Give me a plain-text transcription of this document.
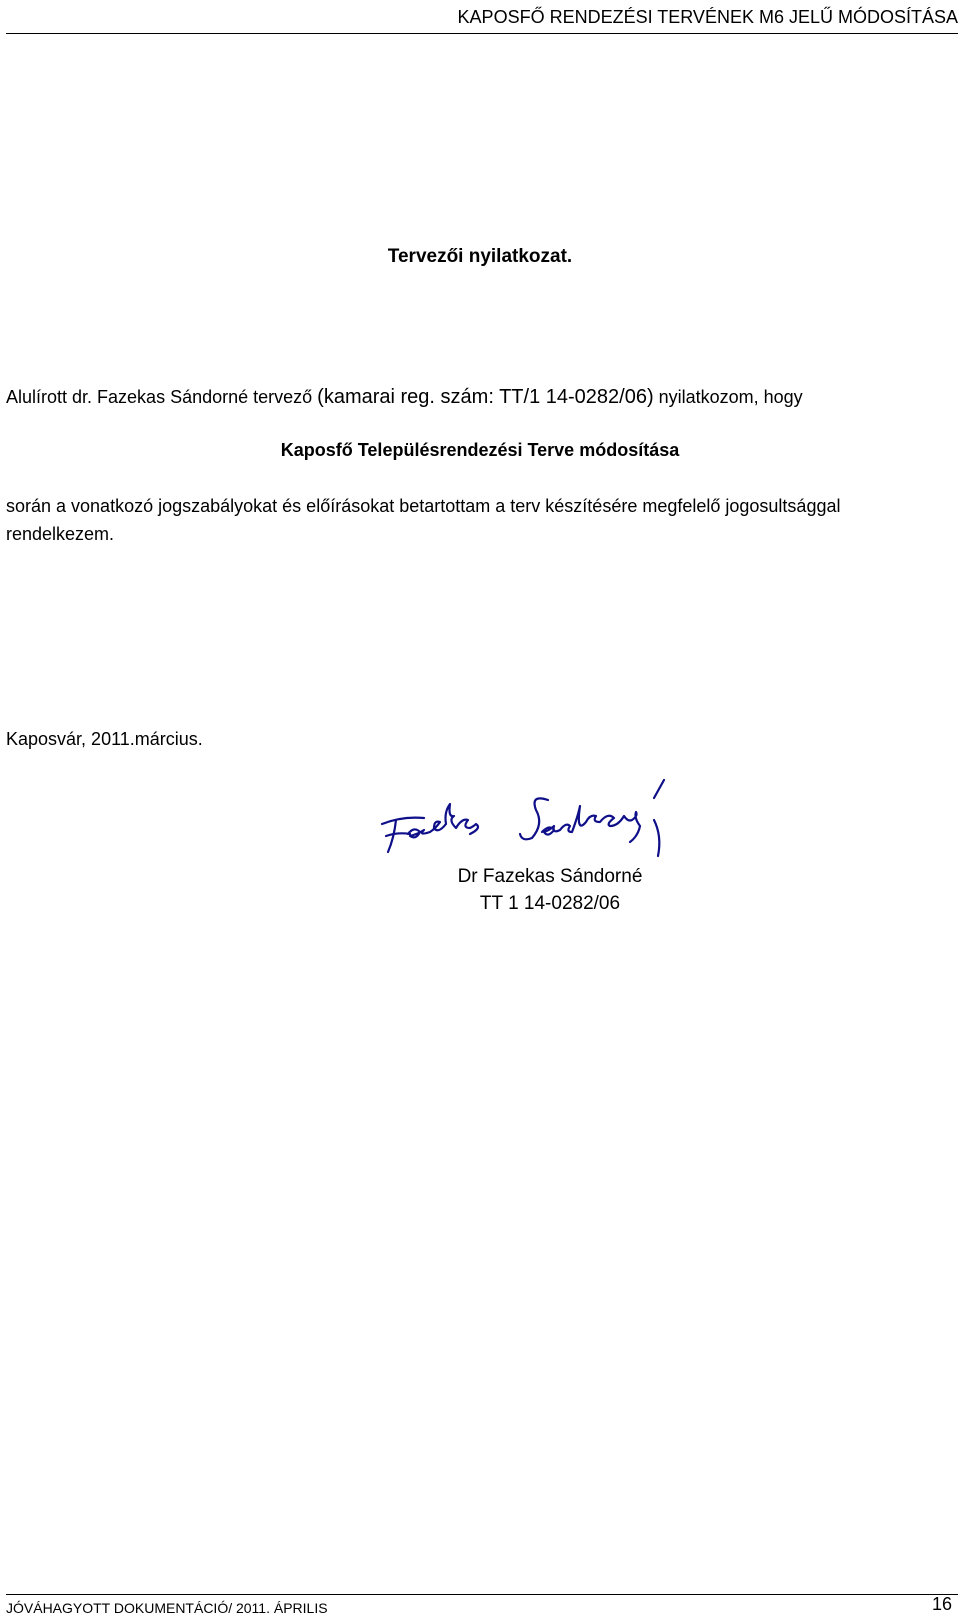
KAPOSFŐ RENDEZÉSI TERVÉNEK M6 JELŰ MÓDOSÍTÁSA
Tervezői nyilatkozat.
Alulírott dr. Fazekas Sándorné tervező (kamarai reg. szám: TT/1 14-0282/06) nyilatkozom, hogy
Kaposfő Településrendezési Terve módosítása
során a vonatkozó jogszabályokat és előírásokat betartottam a terv készítésére megfelelő jogosultsággal rendelkezem.
Kaposvár, 2011.március.
Dr Fazekas Sándorné
TT 1 14-0282/06
JÓVÁHAGYOTT DOKUMENTÁCIÓ/ 2011. ÁPRILIS	16
